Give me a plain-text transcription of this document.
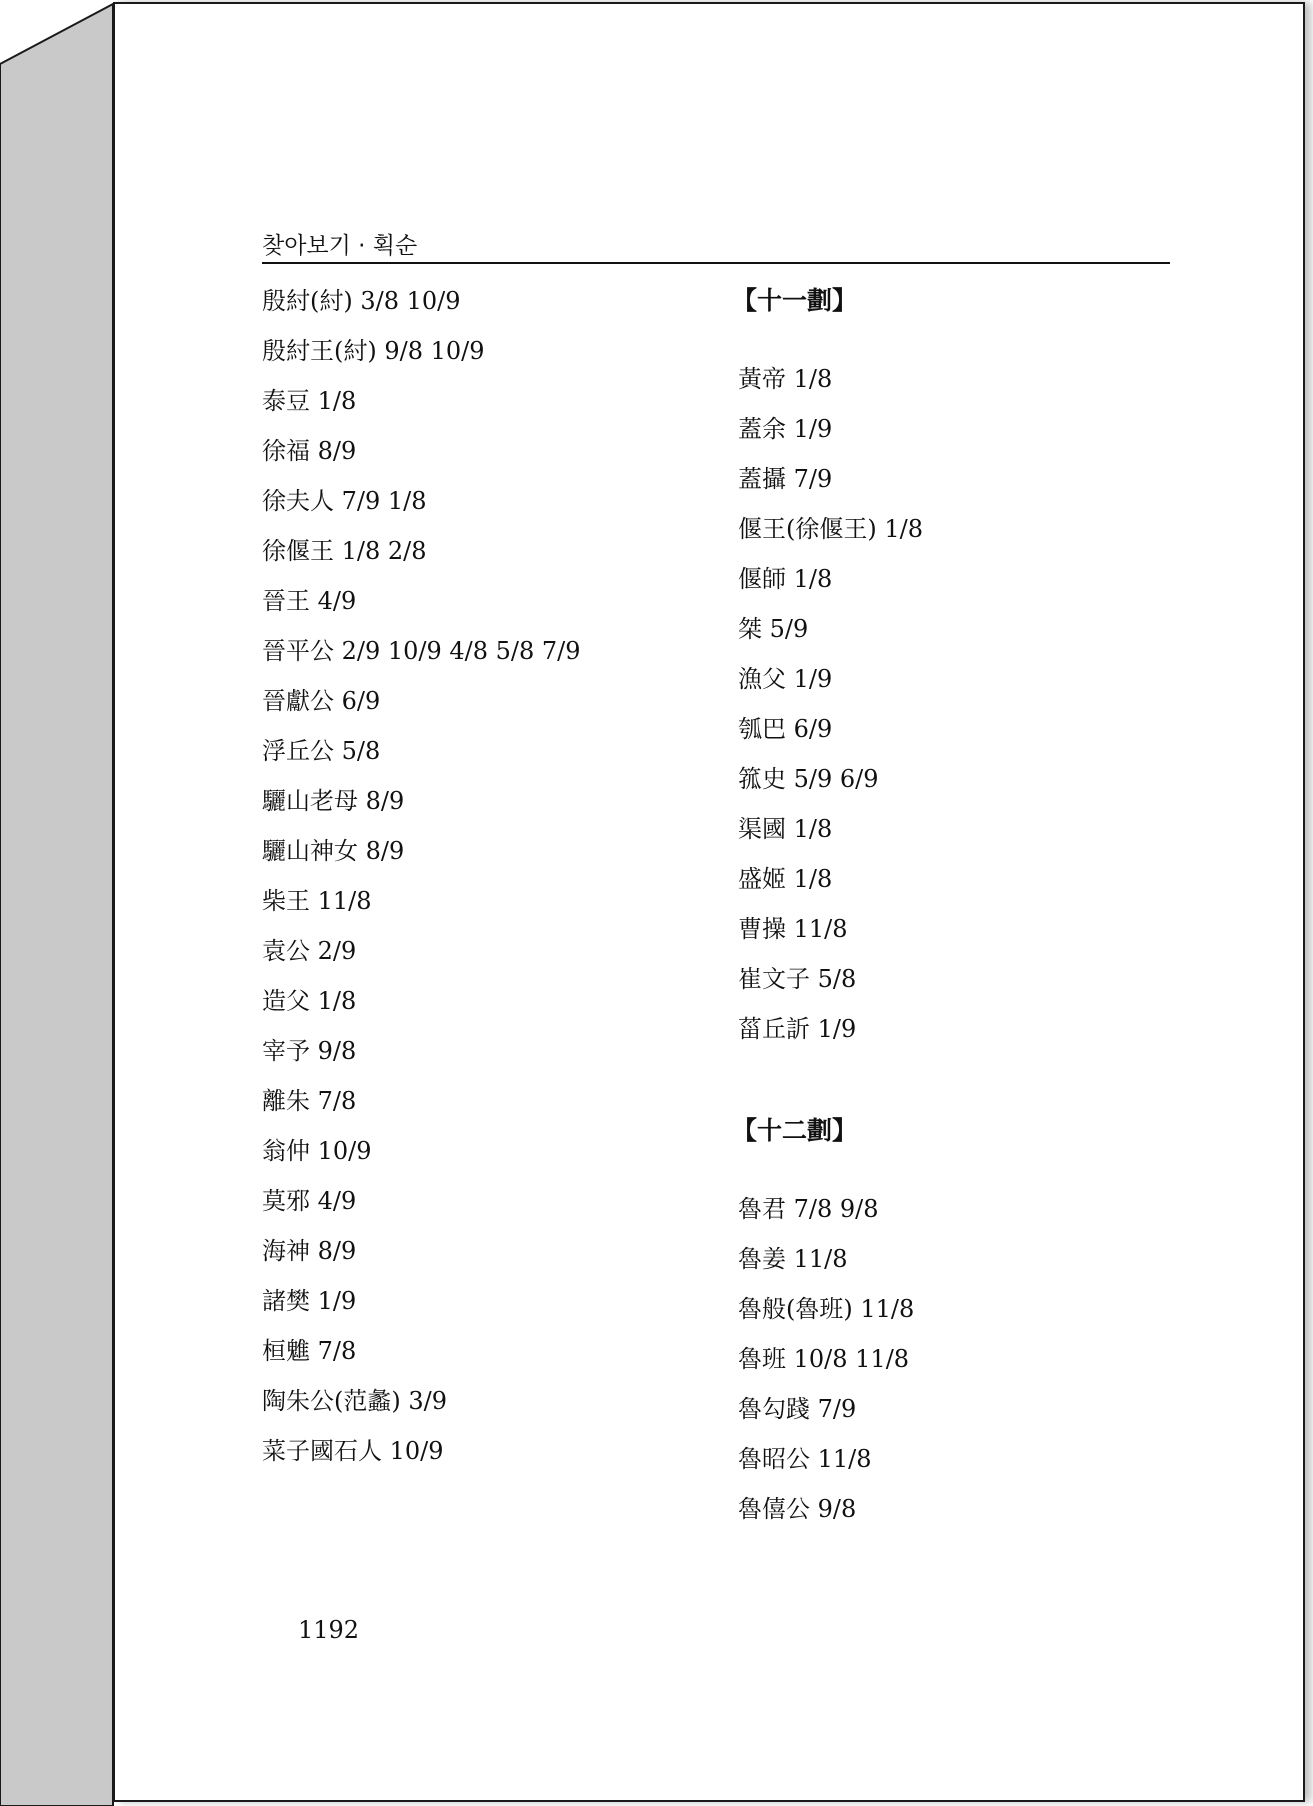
찾아보기 · 획순
殷紂(紂) 3/8 10/9
殷紂王(紂) 9/8 10/9
泰豆 1/8
徐福 8/9
徐夫人 7/9 1/8
徐偃王 1/8 2/8
晉王 4/9
晉平公 2/9 10/9 4/8 5/8 7/9
晉獻公 6/9
浮丘公 5/8
驪山老母 8/9
驪山神女 8/9
柴王 11/8
袁公 2/9
造父 1/8
宰予 9/8
離朱 7/8
翁仲 10/9
莫邪 4/9
海神 8/9
諸樊 1/9
桓魋 7/8
陶朱公(范蠡) 3/9
菜子國石人 10/9
【十一劃】
黃帝 1/8
蓋余 1/9
蓋攝 7/9
偃王(徐偃王) 1/8
偃師 1/8
桀 5/9
漁父 1/9
瓠巴 6/9
箛史 5/9 6/9
渠國 1/8
盛姬 1/8
曹操 11/8
崔文子 5/8
菑丘訢 1/9
【十二劃】
魯君 7/8 9/8
魯姜 11/8
魯般(魯班) 11/8
魯班 10/8 11/8
魯勾踐 7/9
魯昭公 11/8
魯僖公 9/8
1192
